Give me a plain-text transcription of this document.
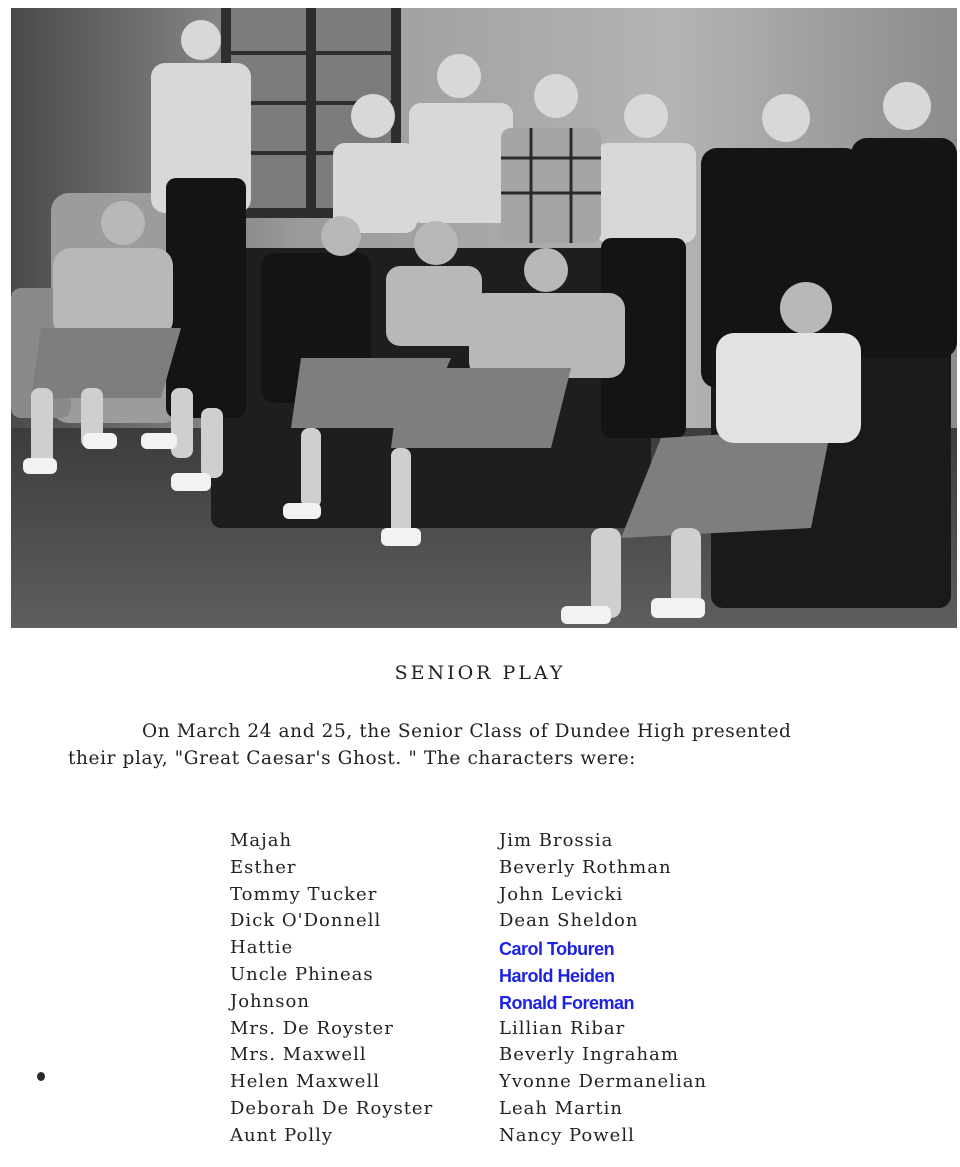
SENIOR PLAY

On March 24 and 25, the Senior Class of Dundee High presented

their play, "Great Caesar's Ghost. " The characters were:

Majah	Jim Brossia
Esther	Beverly Rothman
Tommy Tucker	John Levicki
Dick O'Donnell	Dean Sheldon
Hattie	Carol Toburen
Uncle Phineas	Harold Heiden
Johnson	Ronald Foreman
Mrs. De Royster	Lillian Ribar
Mrs. Maxwell	Beverly Ingraham
Helen Maxwell	Yvonne Dermanelian
Deborah De Royster	Leah Martin
Aunt Polly	Nancy Powell
